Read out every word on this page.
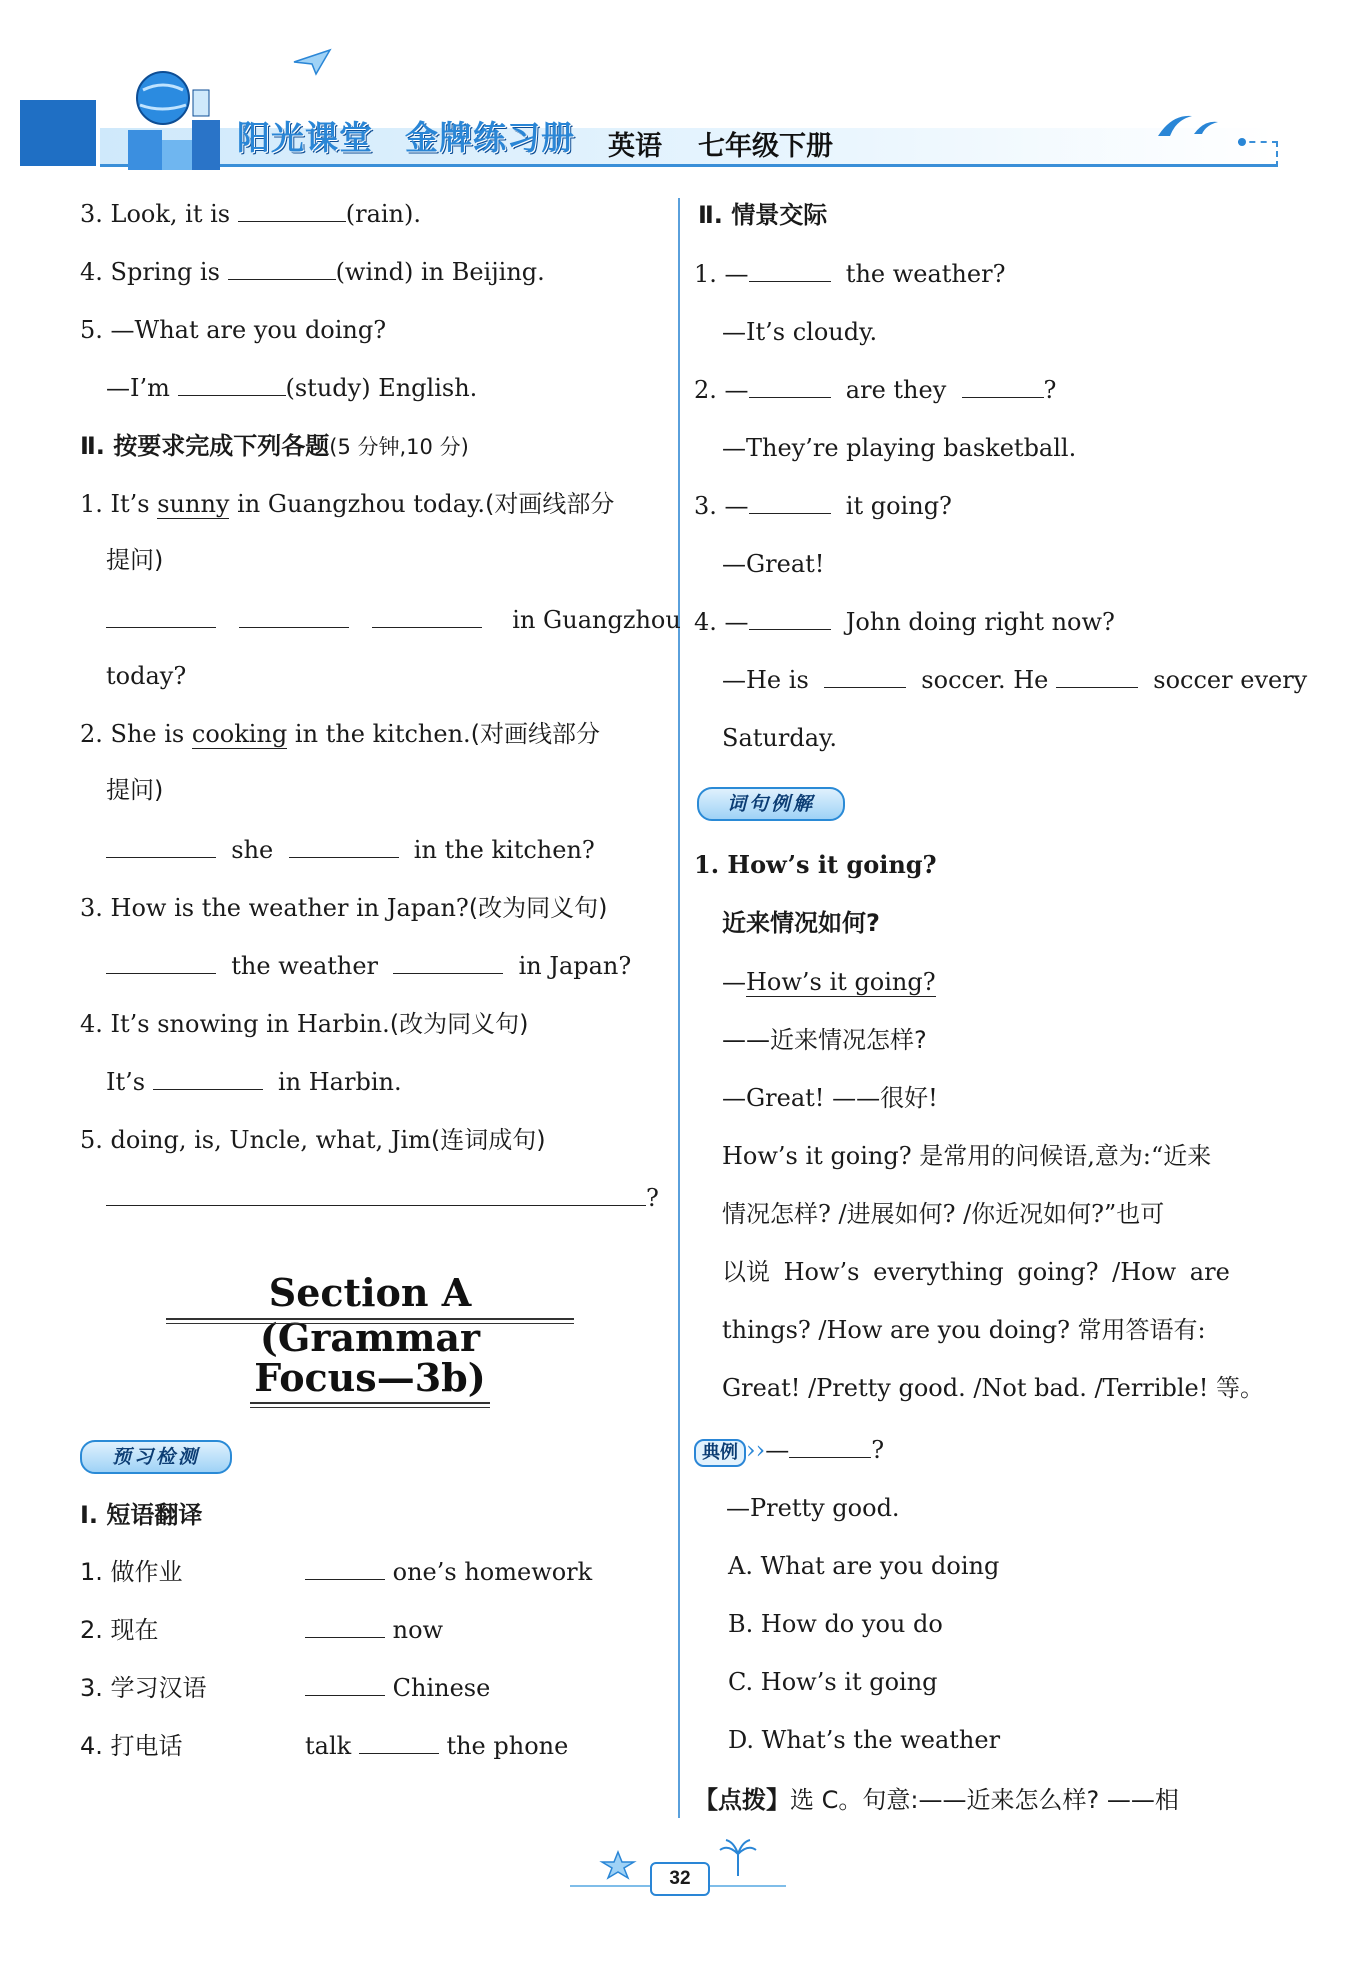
阳光课堂 金牌练习册 英语 七年级下册
3. Look, it is	(rain).
4. Spring is	(wind) in Beijing.
5. —What are you doing?
—I’m	(study) English.
Ⅱ. 按要求完成下列各题(5 分钟,10 分)
1. It’s sunny in Guangzhou today.(对画线部分
提问)
in Guangzhou
today?
2. She is cooking in the kitchen.(对画线部分
提问)
she	in the kitchen?
3. How is the weather in Japan?(改为同义句)
the weather	in Japan?
4. It’s snowing in Harbin.(改为同义句)
It’s	in Harbin.
5. doing, is, Uncle, what, Jim(连词成句)
?
Section A (Grammar
Focus—3b)
预习检测
Ⅰ. 短语翻译
1. 做作业	one’s homework
2. 现在	now
3. 学习汉语	Chinese
4. 打电话	talk	the phone
Ⅱ. 情景交际
1. —	the weather?
—It’s cloudy.
2. —	are they	?
—They’re playing basketball.
3. —	it going?
—Great!
4. —	John doing right now?
—He is	soccer. He	soccer every
Saturday.
词句例解
1. How’s it going?
近来情况如何?
—How’s it going?
——近来情况怎样?
—Great! ——很好!
How’s it going? 是常用的问候语,意为:“近来
情况怎样? /进展如何? /你近况如何?”也可
以说 How’s everything going? /How are
things? /How are you doing? 常用答语有:
Great! /Pretty good. /Not bad. /Terrible! 等。
典例 ››—	?
—Pretty good.
A. What are you doing
B. How do you do
C. How’s it going
D. What’s the weather
【点拨】选 C。句意:——近来怎么样? ——相
32
